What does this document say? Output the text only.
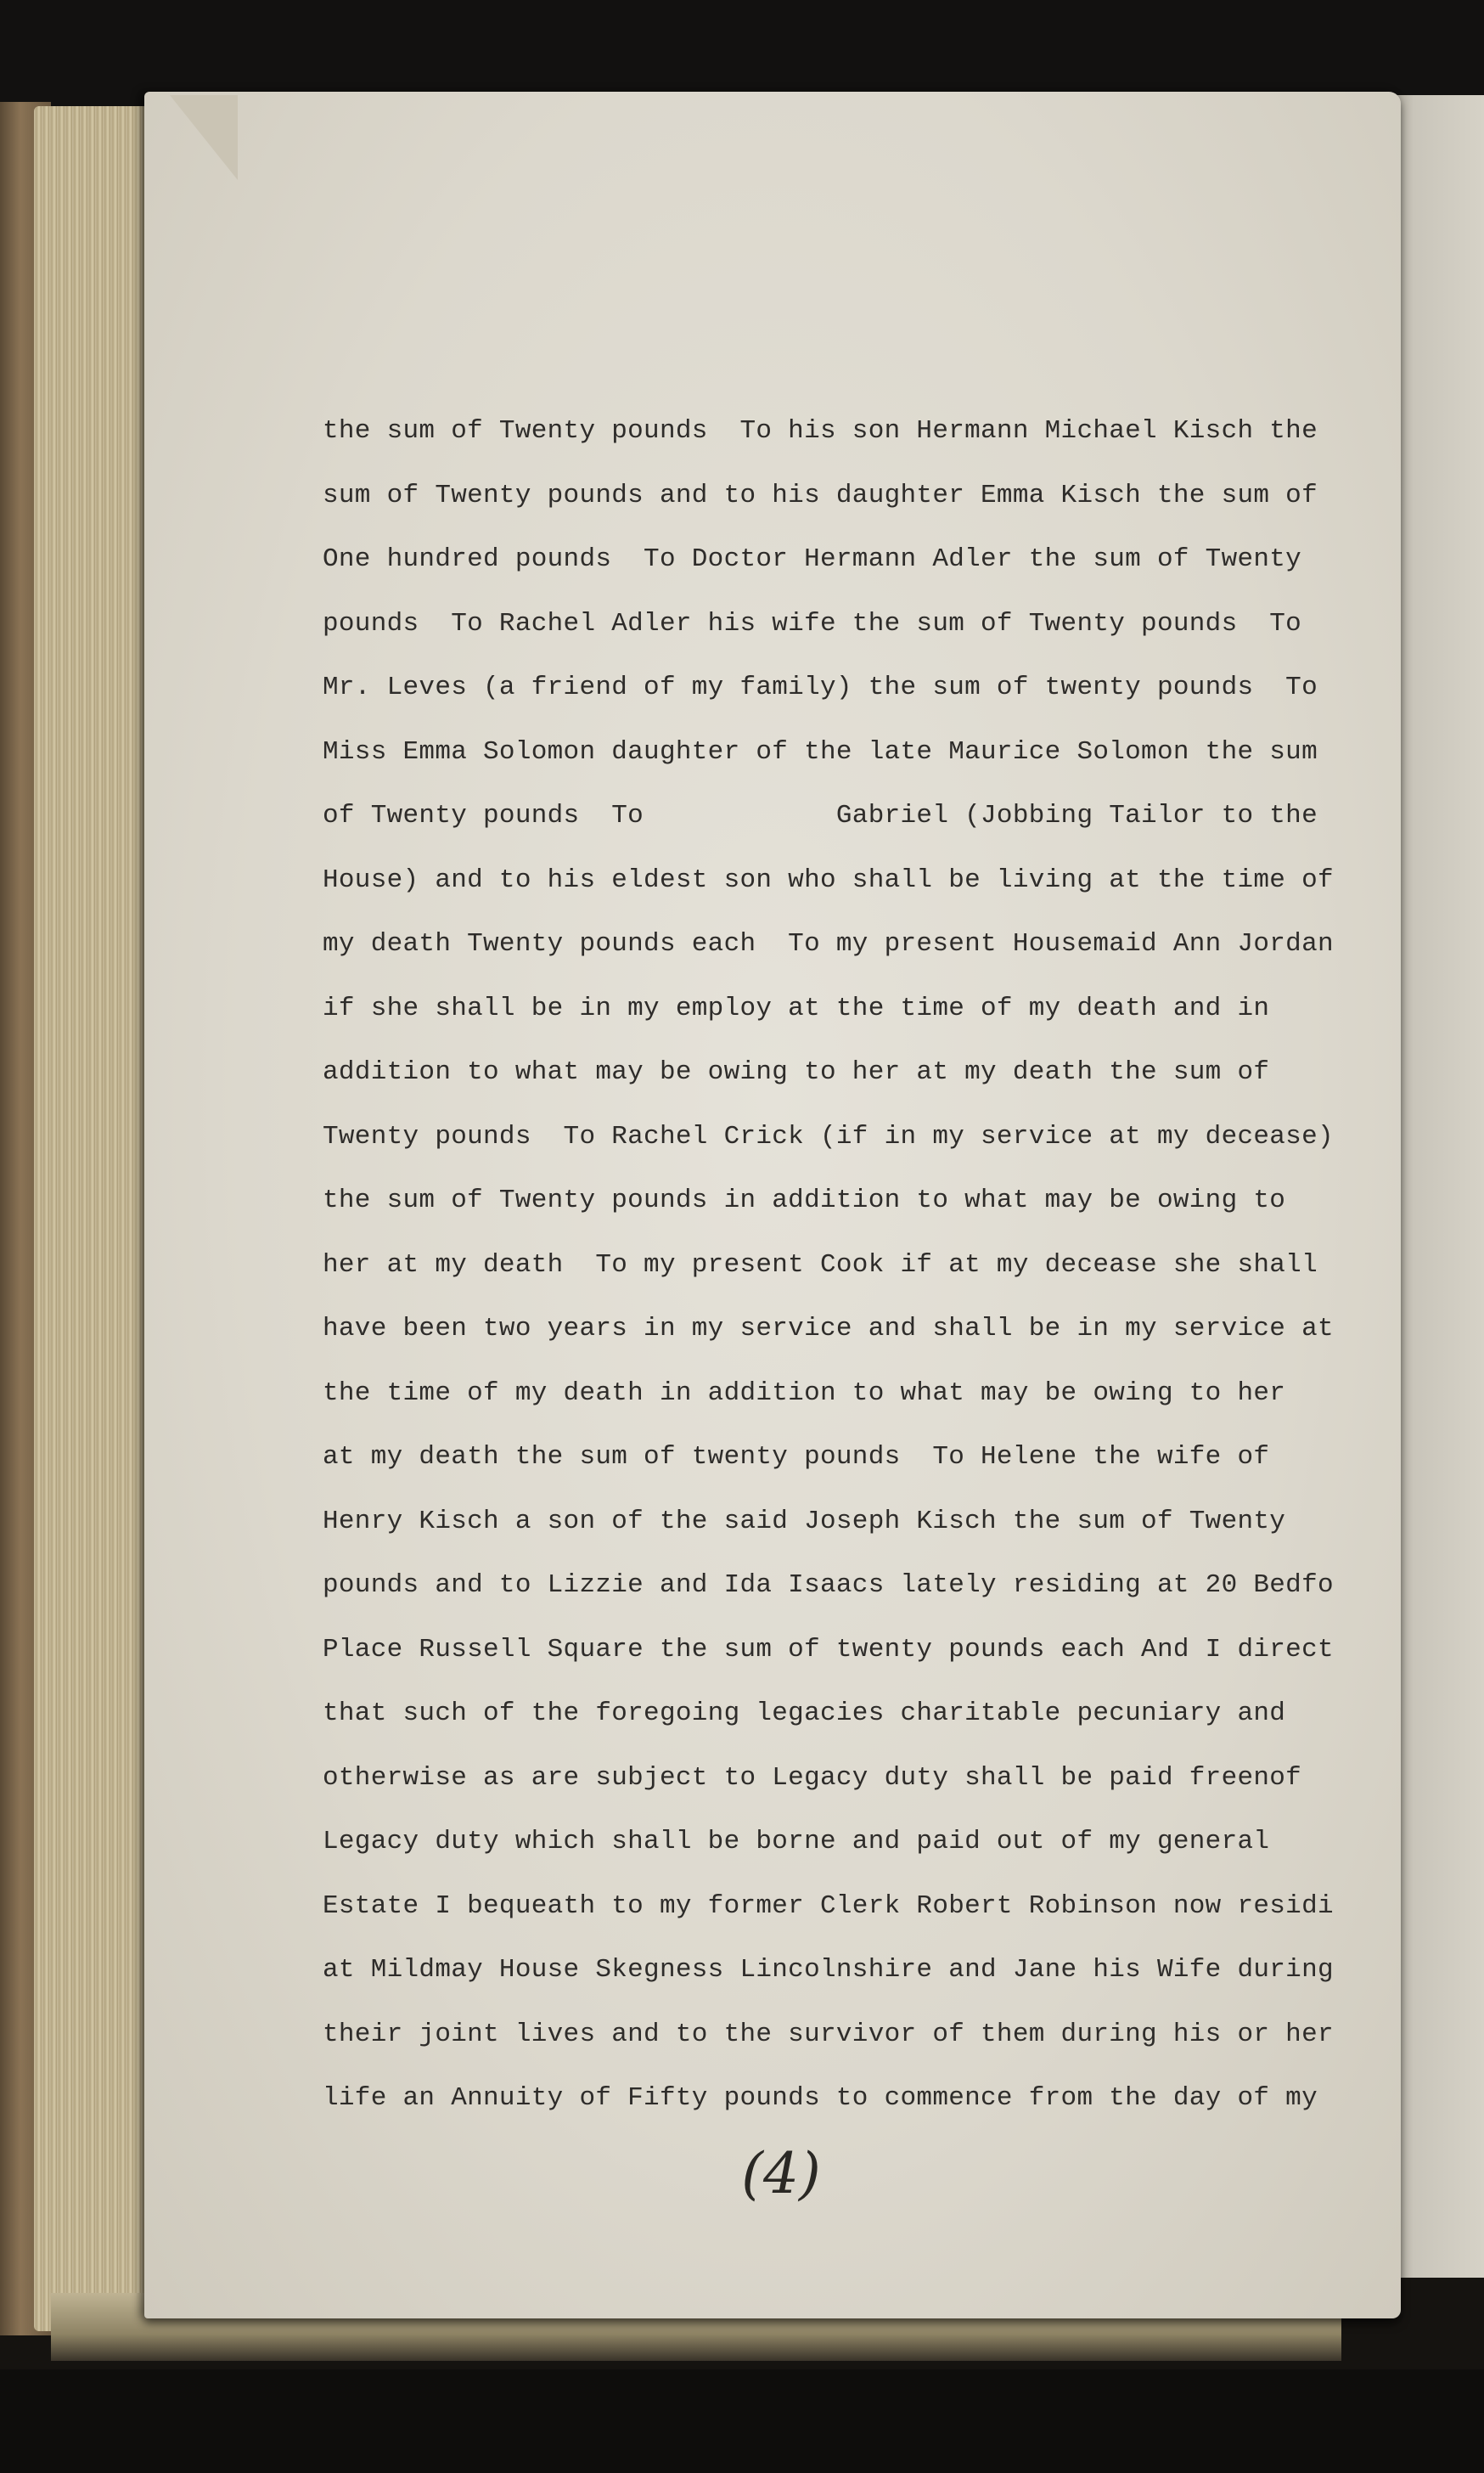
the sum of Twenty pounds  To his son Hermann Michael Kisch the
sum of Twenty pounds and to his daughter Emma Kisch the sum of
One hundred pounds  To Doctor Hermann Adler the sum of Twenty
pounds  To Rachel Adler his wife the sum of Twenty pounds  To
Mr. Leves (a friend of my family) the sum of twenty pounds  To
Miss Emma Solomon daughter of the late Maurice Solomon the sum
of Twenty pounds  To            Gabriel (Jobbing Tailor to the
House) and to his eldest son who shall be living at the time of
my death Twenty pounds each  To my present Housemaid Ann Jordan
if she shall be in my employ at the time of my death and in
addition to what may be owing to her at my death the sum of
Twenty pounds  To Rachel Crick (if in my service at my decease)
the sum of Twenty pounds in addition to what may be owing to
her at my death  To my present Cook if at my decease she shall
have been two years in my service and shall be in my service at
the time of my death in addition to what may be owing to her
at my death the sum of twenty pounds  To Helene the wife of
Henry Kisch a son of the said Joseph Kisch the sum of Twenty
pounds and to Lizzie and Ida Isaacs lately residing at 20 Bedfo
Place Russell Square the sum of twenty pounds each And I direct
that such of the foregoing legacies charitable pecuniary and
otherwise as are subject to Legacy duty shall be paid freenof
Legacy duty which shall be borne and paid out of my general
Estate I bequeath to my former Clerk Robert Robinson now residi
at Mildmay House Skegness Lincolnshire and Jane his Wife during
their joint lives and to the survivor of them during his or her
life an Annuity of Fifty pounds to commence from the day of my
(4)
